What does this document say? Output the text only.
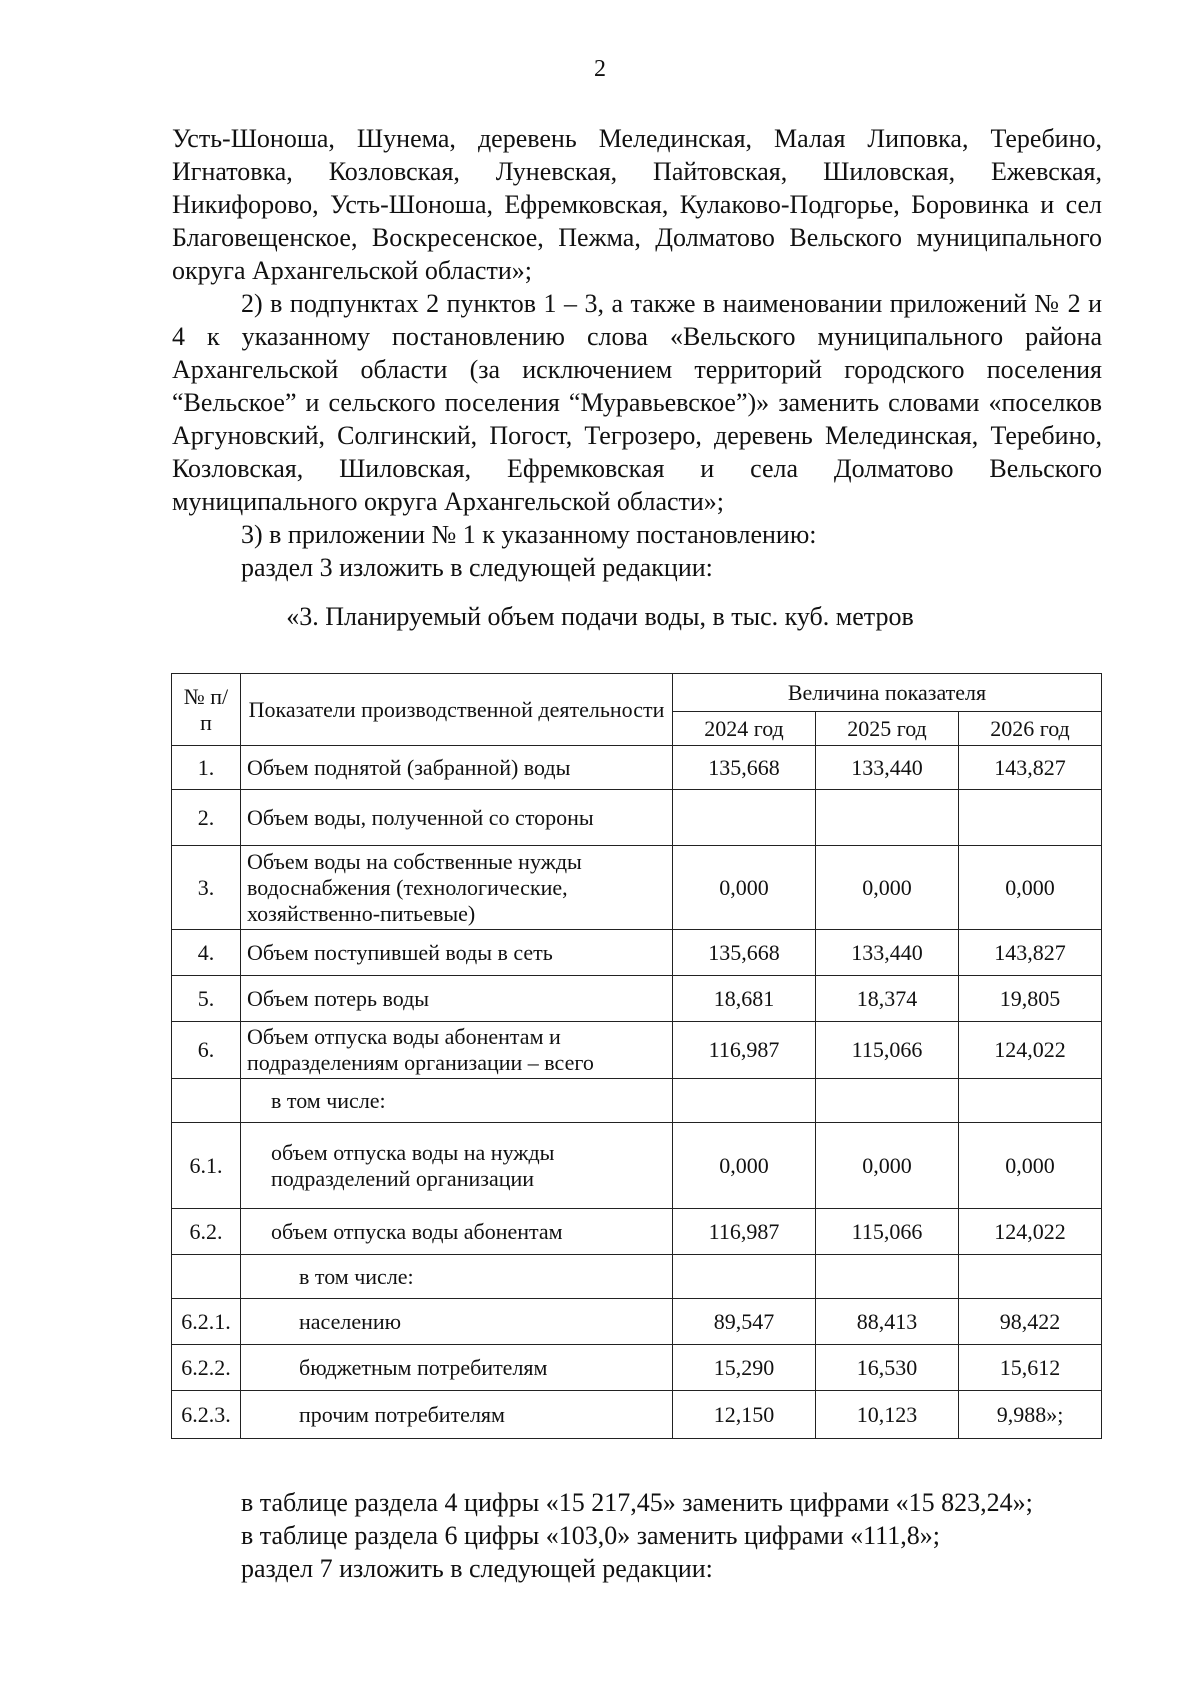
2
Усть-Шоноша, Шунема, деревень Мелединская, Малая Липовка, Теребино, Игнатовка, Козловская, Луневская, Пайтовская, Шиловская, Ежевская, Никифорово, Усть-Шоноша, Ефремковская, Кулаково-Подгорье, Боровинка и сел Благовещенское, Воскресенское, Пежма, Долматово Вельского муниципального округа Архангельской области»;
2) в подпунктах 2 пунктов 1 – 3, а также в наименовании приложений № 2 и 4 к указанному постановлению слова «Вельского муниципального района Архангельской области (за исключением территорий городского поселения “Вельское” и сельского поселения “Муравьевское”)» заменить словами «поселков Аргуновский, Солгинский, Погост, Тегрозеро, деревень Мелединская, Теребино, Козловская, Шиловская, Ефремковская и села Долматово Вельского муниципального округа Архангельской области»;
3) в приложении № 1 к указанному постановлению:
раздел 3 изложить в следующей редакции:
«3. Планируемый объем подачи воды, в тыс. куб. метров
№ п/п	Показатели производственной деятельности	Величина показателя		
		2024 год	2025 год	2026 год
1.	Объем поднятой (забранной) воды	135,668	133,440	143,827
2.	Объем воды, полученной со стороны			
3.	Объем воды на собственные нужды водоснабжения (технологические, хозяйственно-питьевые)	0,000	0,000	0,000
4.	Объем поступившей воды в сеть	135,668	133,440	143,827
5.	Объем потерь воды	18,681	18,374	19,805
6.	Объем отпуска воды абонентам и подразделениям организации – всего	116,987	115,066	124,022
	в том числе:			
6.1.	объем отпуска воды на нужды подразделений организации	0,000	0,000	0,000
6.2.	объем отпуска воды абонентам	116,987	115,066	124,022
	в том числе:			
6.2.1.	населению	89,547	88,413	98,422
6.2.2.	бюджетным потребителям	15,290	16,530	15,612
6.2.3.	прочим потребителям	12,150	10,123	9,988»;
в таблице раздела 4 цифры «15 217,45» заменить цифрами «15 823,24»;
в таблице раздела 6 цифры «103,0» заменить цифрами «111,8»;
раздел 7 изложить в следующей редакции:
